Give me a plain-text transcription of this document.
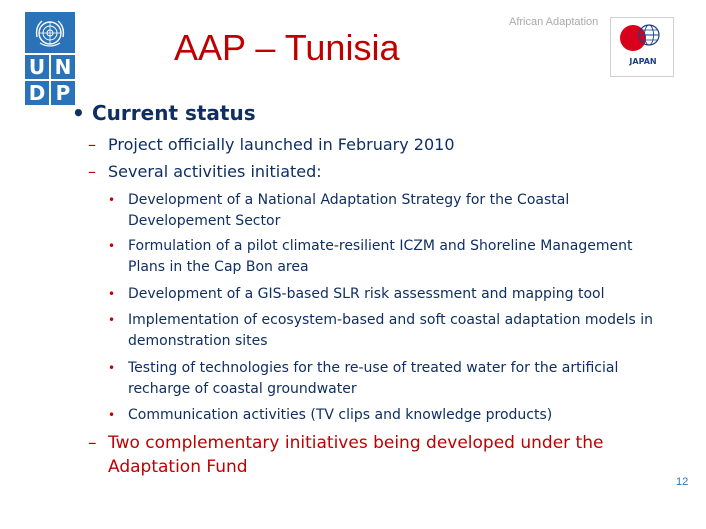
U N
D P
AAP – Tunisia
African Adaptation
JAPAN
• Current status
– Project officially launched in February 2010
– Several activities initiated:
• Development of a National Adaptation Strategy for the Coastal Developement Sector
• Formulation of a pilot climate-resilient ICZM and Shoreline Management Plans in the Cap Bon area
• Development of a GIS-based SLR risk assessment and mapping tool
• Implementation of ecosystem-based and soft coastal adaptation models in demonstration sites
• Testing of technologies for the re-use of treated water for the artificial recharge of coastal groundwater
• Communication activities (TV clips and knowledge products)
– Two complementary initiatives being developed under the Adaptation Fund
12
